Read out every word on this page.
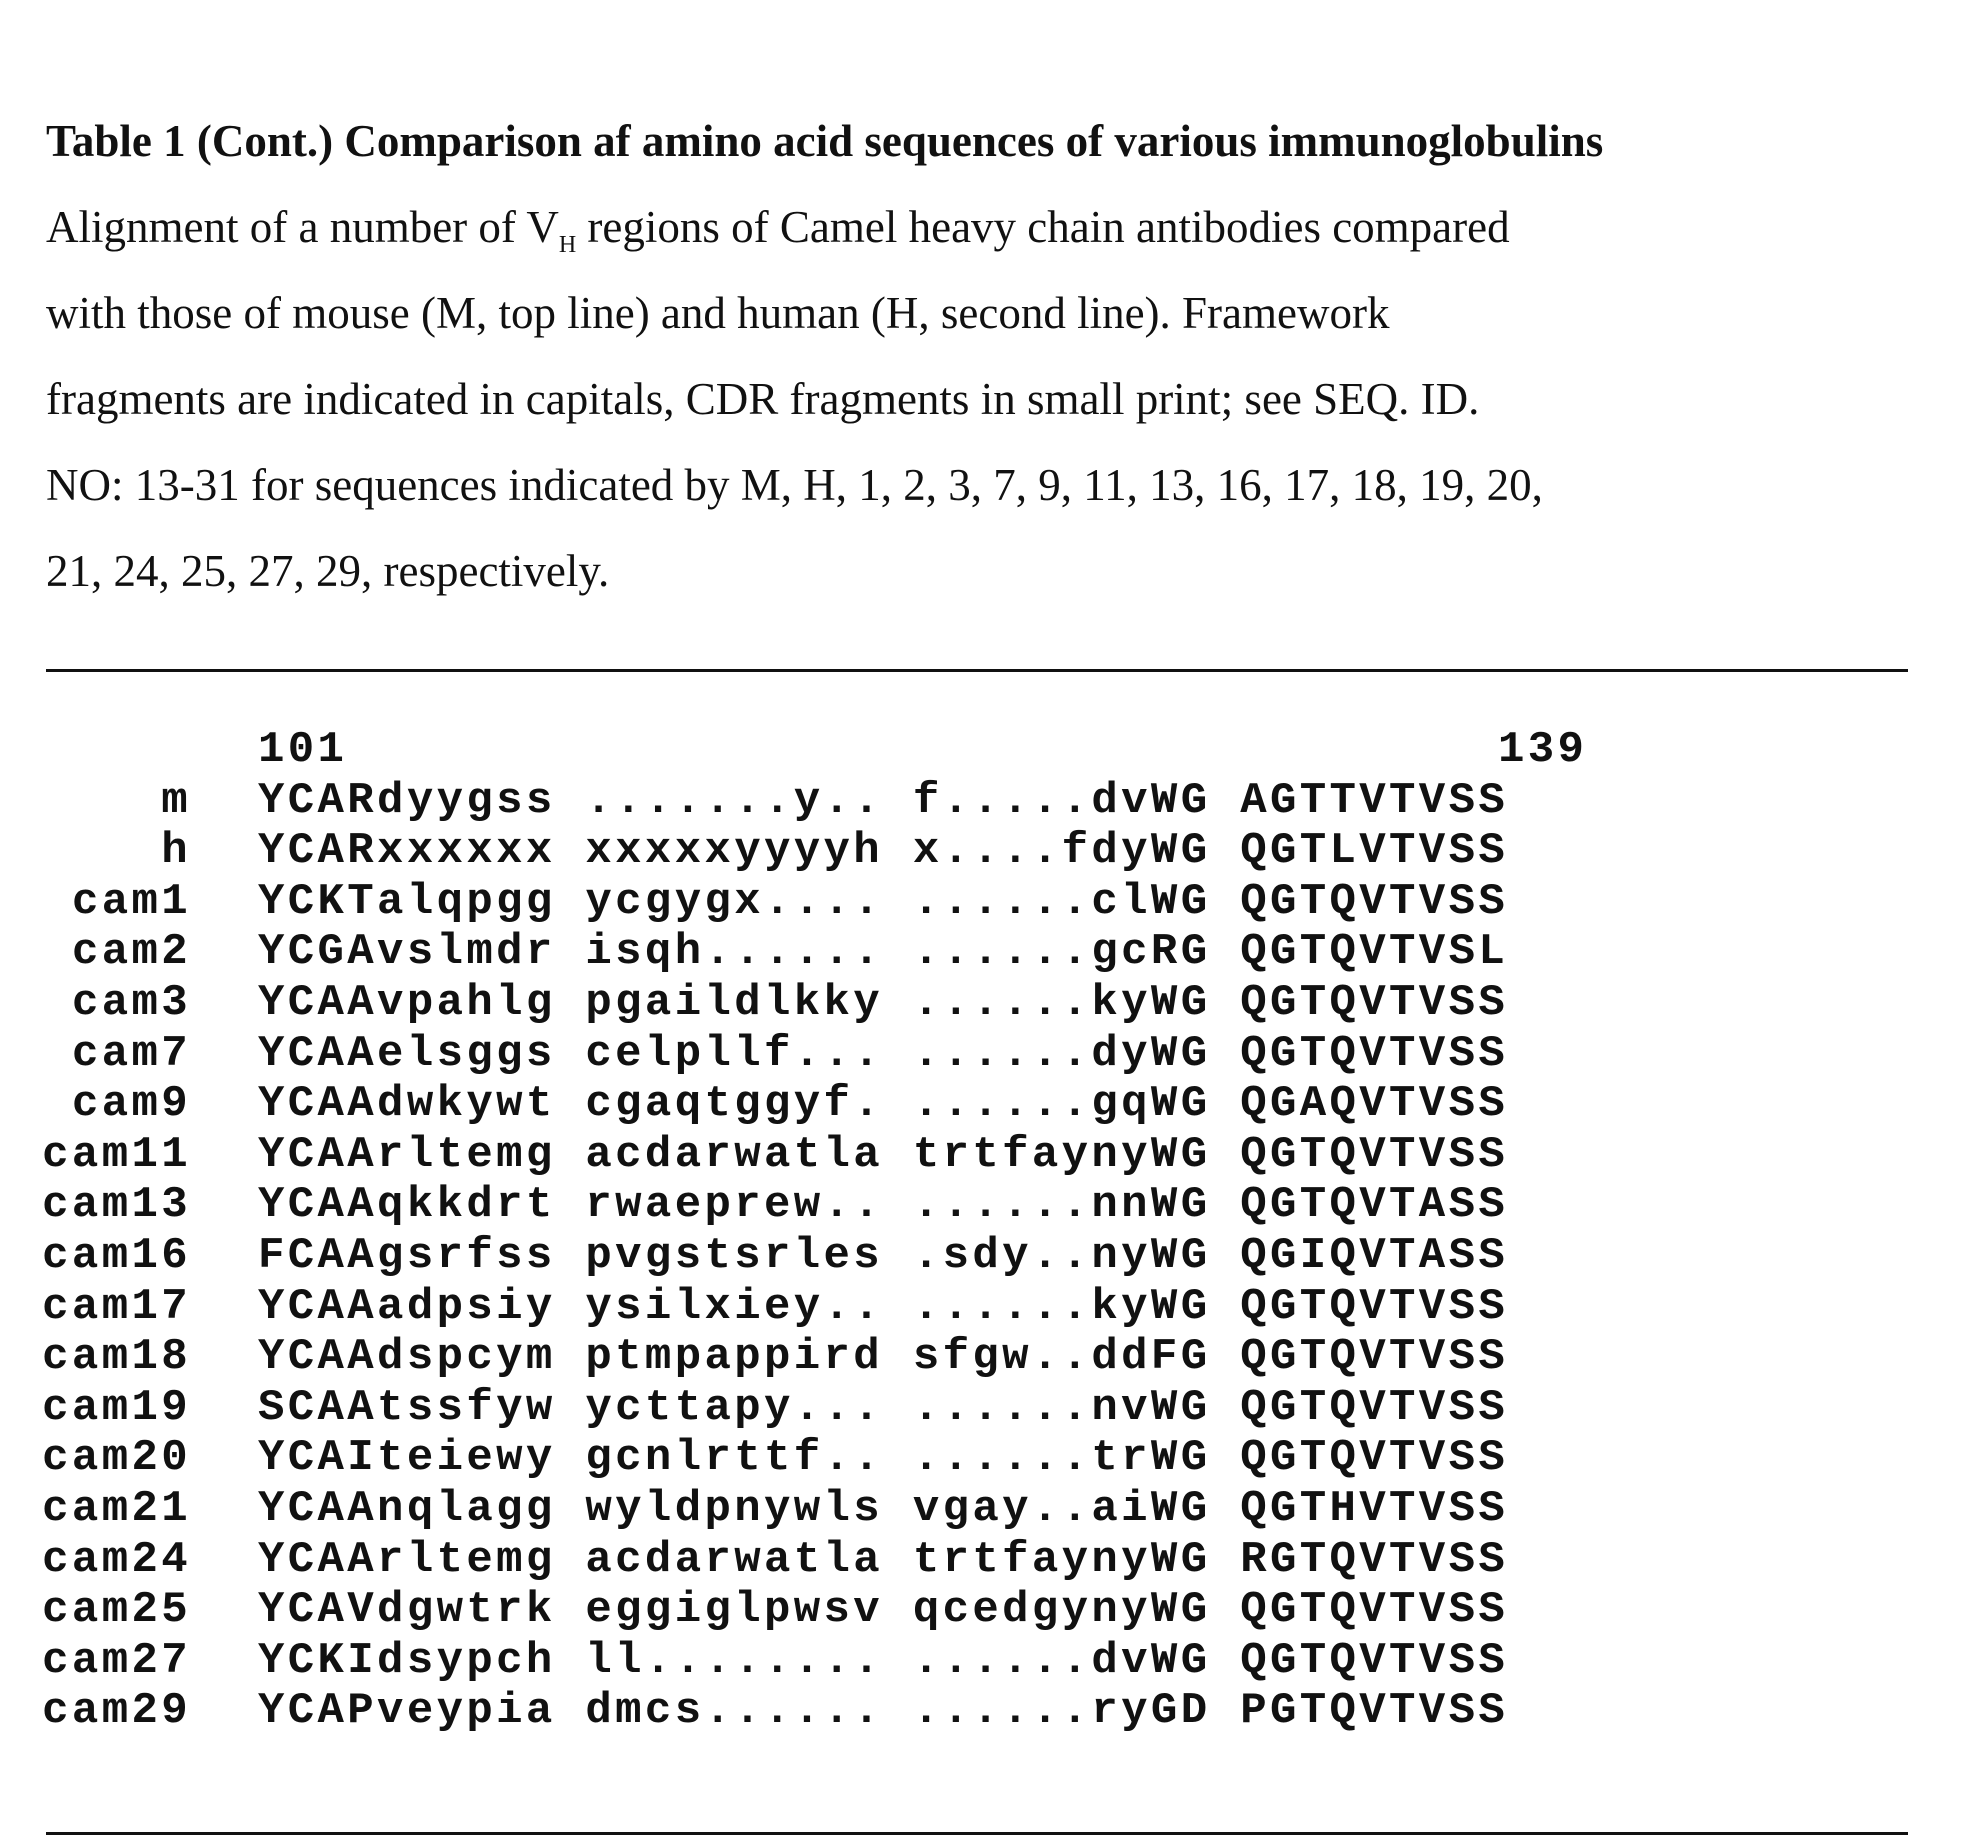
Table 1 (Cont.) Comparison af amino acid sequences of various immunoglobulins
Alignment of a number of VH regions of Camel heavy chain antibodies compared
with those of mouse (M, top line) and human (H, second line). Framework
fragments are indicated in capitals, CDR fragments in small print; see SEQ. ID.
NO: 13-31 for sequences indicated by M, H, 1, 2, 3, 7, 9, 11, 13, 16, 17, 18, 19, 20,
21, 24, 25, 27, 29, respectively.

101

	139

m YCARdyygss .......y.. f.....dvWG AGTTVTVSS
h YCARxxxxxx xxxxxyyyyh x....fdyWG QGTLVTVSS
cam1 YCKTalqpgg ycgygx.... ......clWG QGTQVTVSS
cam2 YCGAvslmdr isqh...... ......gcRG QGTQVTVSL
cam3 YCAAvpahlg pgaildlkky ......kyWG QGTQVTVSS
cam7 YCAAelsggs celpllf... ......dyWG QGTQVTVSS
cam9 YCAAdwkywt cgaqtggyf. ......gqWG QGAQVTVSS
cam11 YCAArltemg acdarwatla trtfaynyWG QGTQVTVSS
cam13 YCAAqkkdrt rwaeprew.. ......nnWG QGTQVTASS
cam16 FCAAgsrfss pvgstsrles .sdy..nyWG QGIQVTASS
cam17 YCAAadpsiy ysilxiey.. ......kyWG QGTQVTVSS
cam18 YCAAdspcym ptmpappird sfgw..ddFG QGTQVTVSS
cam19 SCAAtssfyw ycttapy... ......nvWG QGTQVTVSS
cam20 YCAIteiewy gcnlrttf.. ......trWG QGTQVTVSS
cam21 YCAAnqlagg wyldpnywls vgay..aiWG QGTHVTVSS
cam24 YCAArltemg acdarwatla trtfaynyWG RGTQVTVSS
cam25 YCAVdgwtrk eggiglpwsv qcedgynyWG QGTQVTVSS
cam27 YCKIdsypch ll........ ......dvWG QGTQVTVSS
cam29 YCAPveypia dmcs...... ......ryGD PGTQVTVSS
